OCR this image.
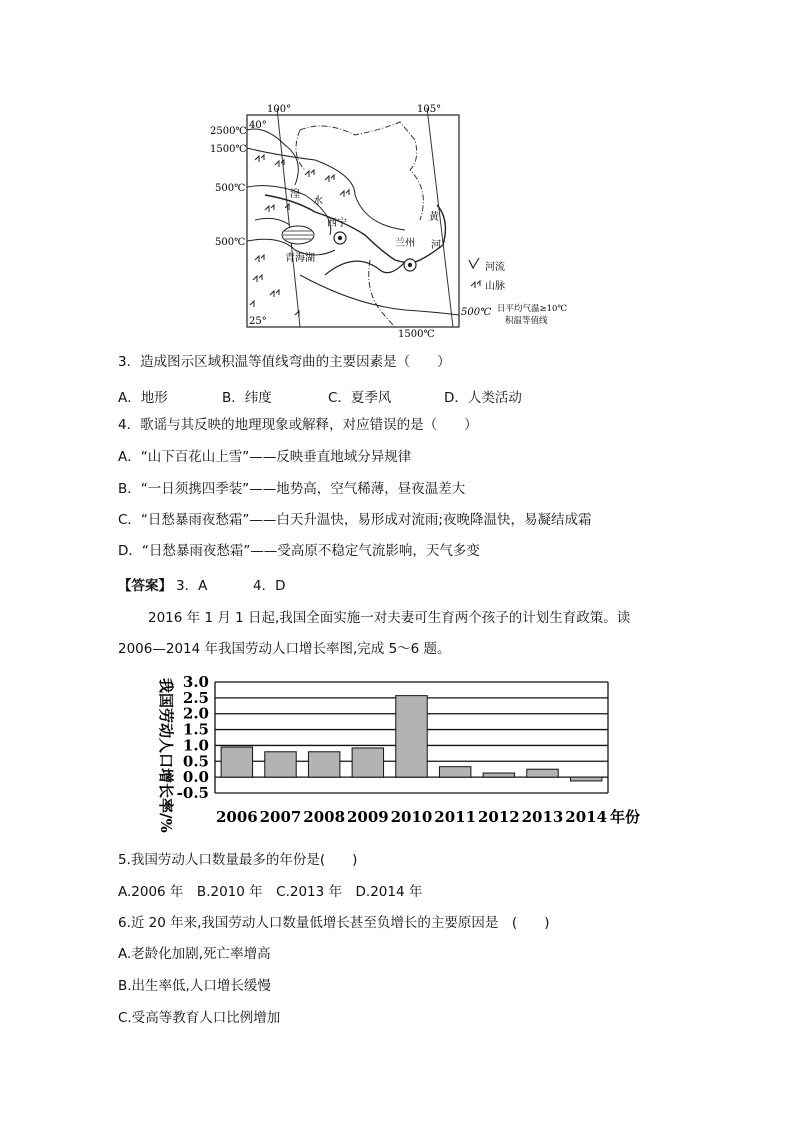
100°	105°
40°
25°
2500℃
1500℃
500℃
500℃
1500℃
湟
水
青海湖
西宁
兰州
黄
河
河流
山脉
500℃ 日平均气温≥10℃
积温等值线
3．造成图示区域积温等值线弯曲的主要因素是（　　）
A．地形	B．纬度	C．夏季风	D．人类活动
4．歌谣与其反映的地理现象或解释，对应错误的是（　　）
A．“山下百花山上雪”——反映垂直地域分异规律
B．“一日须携四季装”——地势高，空气稀薄，昼夜温差大
C．“日愁暴雨夜愁霜”——白天升温快，易形成对流雨;夜晚降温快，易凝结成霜
D．“日愁暴雨夜愁霜”——受高原不稳定气流影响，天气多变
【答案】 3．A	4．D
2016 年 1 月 1 日起,我国全面实施一对夫妻可生育两个孩子的计划生育政策。读
2006—2014 年我国劳动人口增长率图,完成 5～6 题。
3.0
2.5
2.0
1.5
1.0
0.5
0.0
-0.5
2006 2007 2008 2009 2010 2011 2012 2013 2014
我国劳动人口增长率/%	年份
5.我国劳动人口数量最多的年份是(　　)
A.2006 年　B.2010 年　C.2013 年　D.2014 年
6.近 20 年来,我国劳动人口数量低增长甚至负增长的主要原因是　(　　)
A.老龄化加剧,死亡率增高
B.出生率低,人口增长缓慢
C.受高等教育人口比例增加
